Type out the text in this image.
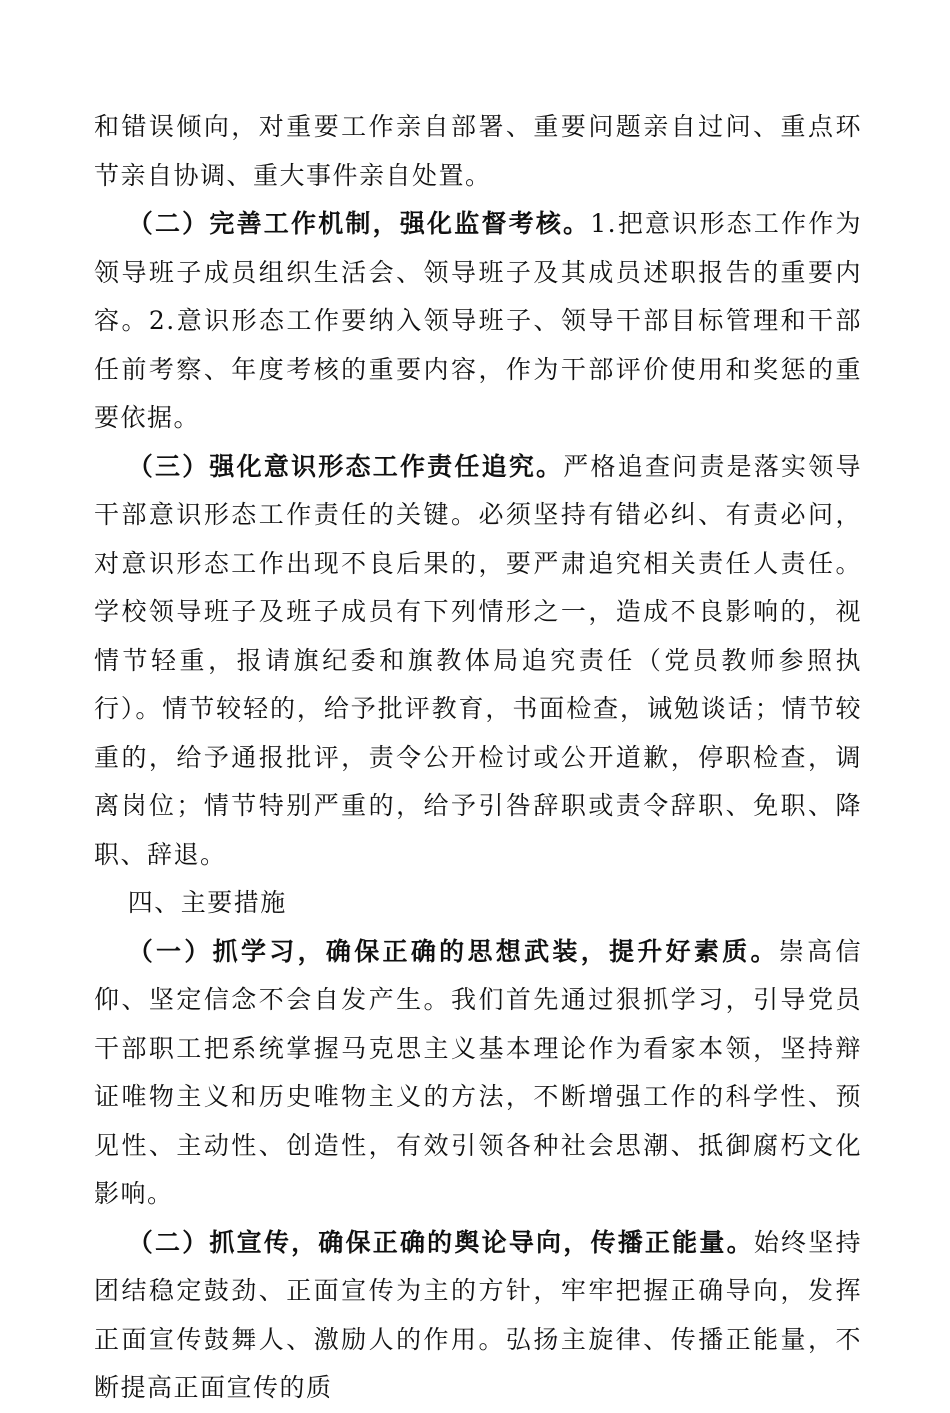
和错误倾向，对重要工作亲自部署、重要问题亲自过问、重点环节亲自协调、重大事件亲自处置。

（二）完善工作机制，强化监督考核。1.把意识形态工作作为领导班子成员组织生活会、领导班子及其成员述职报告的重要内容。2.意识形态工作要纳入领导班子、领导干部目标管理和干部任前考察、年度考核的重要内容，作为干部评价使用和奖惩的重要依据。

（三）强化意识形态工作责任追究。严格追查问责是落实领导干部意识形态工作责任的关键。必须坚持有错必纠、有责必问，对意识形态工作出现不良后果的，要严肃追究相关责任人责任。学校领导班子及班子成员有下列情形之一，造成不良影响的，视情节轻重，报请旗纪委和旗教体局追究责任（党员教师参照执行）。情节较轻的，给予批评教育，书面检查，诫勉谈话；情节较重的，给予通报批评，责令公开检讨或公开道歉，停职检查，调离岗位；情节特别严重的，给予引咎辞职或责令辞职、免职、降职、辞退。

四、主要措施

（一）抓学习，确保正确的思想武装，提升好素质。崇高信仰、坚定信念不会自发产生。我们首先通过狠抓学习，引导党员干部职工把系统掌握马克思主义基本理论作为看家本领，坚持辩证唯物主义和历史唯物主义的方法，不断增强工作的科学性、预见性、主动性、创造性，有效引领各种社会思潮、抵御腐朽文化影响。

（二）抓宣传，确保正确的舆论导向，传播正能量。始终坚持团结稳定鼓劲、正面宣传为主的方针，牢牢把握正确导向，发挥正面宣传鼓舞人、激励人的作用。弘扬主旋律、传播正能量，不断提高正面宣传的质
